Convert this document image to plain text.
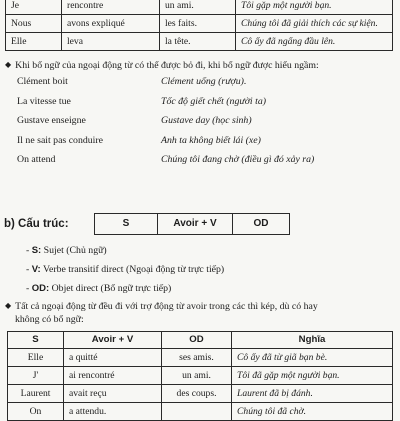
Je	rencontre	un ami.	Tôi gặp một người bạn.
Nous	avons expliqué	les faits.	Chúng tôi đã giải thích các sự kiện.
Elle	leva	la tête.	Cô ấy đã ngẩng đầu lên.
◆ Khi bổ ngữ của ngoại động từ có thể được bỏ đi, khi bổ ngữ được hiểu ngầm:
Clément boit	Clément uống (rượu).
La vitesse tue	Tốc độ giết chết (người ta)
Gustave enseigne	Gustave day (học sinh)
Il ne sait pas conduire	Anh ta không biết lái (xe)
On attend	Chúng tôi đang chờ (điều gì đó xảy ra)
b) Cấu trúc:	S	Avoir + V	OD
- S: Sujet (Chủ ngữ)
- V: Verbe transitif direct (Ngoại động từ trực tiếp)
- OD: Objet direct (Bổ ngữ trực tiếp)
◆ Tất cả ngoại động từ đều đi với trợ động từ avoir trong các thì kép, dù có hay
không có bổ ngữ:
S	Avoir + V	OD	Nghĩa
Elle	a quitté	ses amis.	Cô ấy đã từ giã bạn bè.
J'	ai rencontré	un ami.	Tôi đã gặp một người bạn.
Laurent	avait reçu	des coups.	Laurent đã bị đánh.
On	a attendu.		Chúng tôi đã chờ.
